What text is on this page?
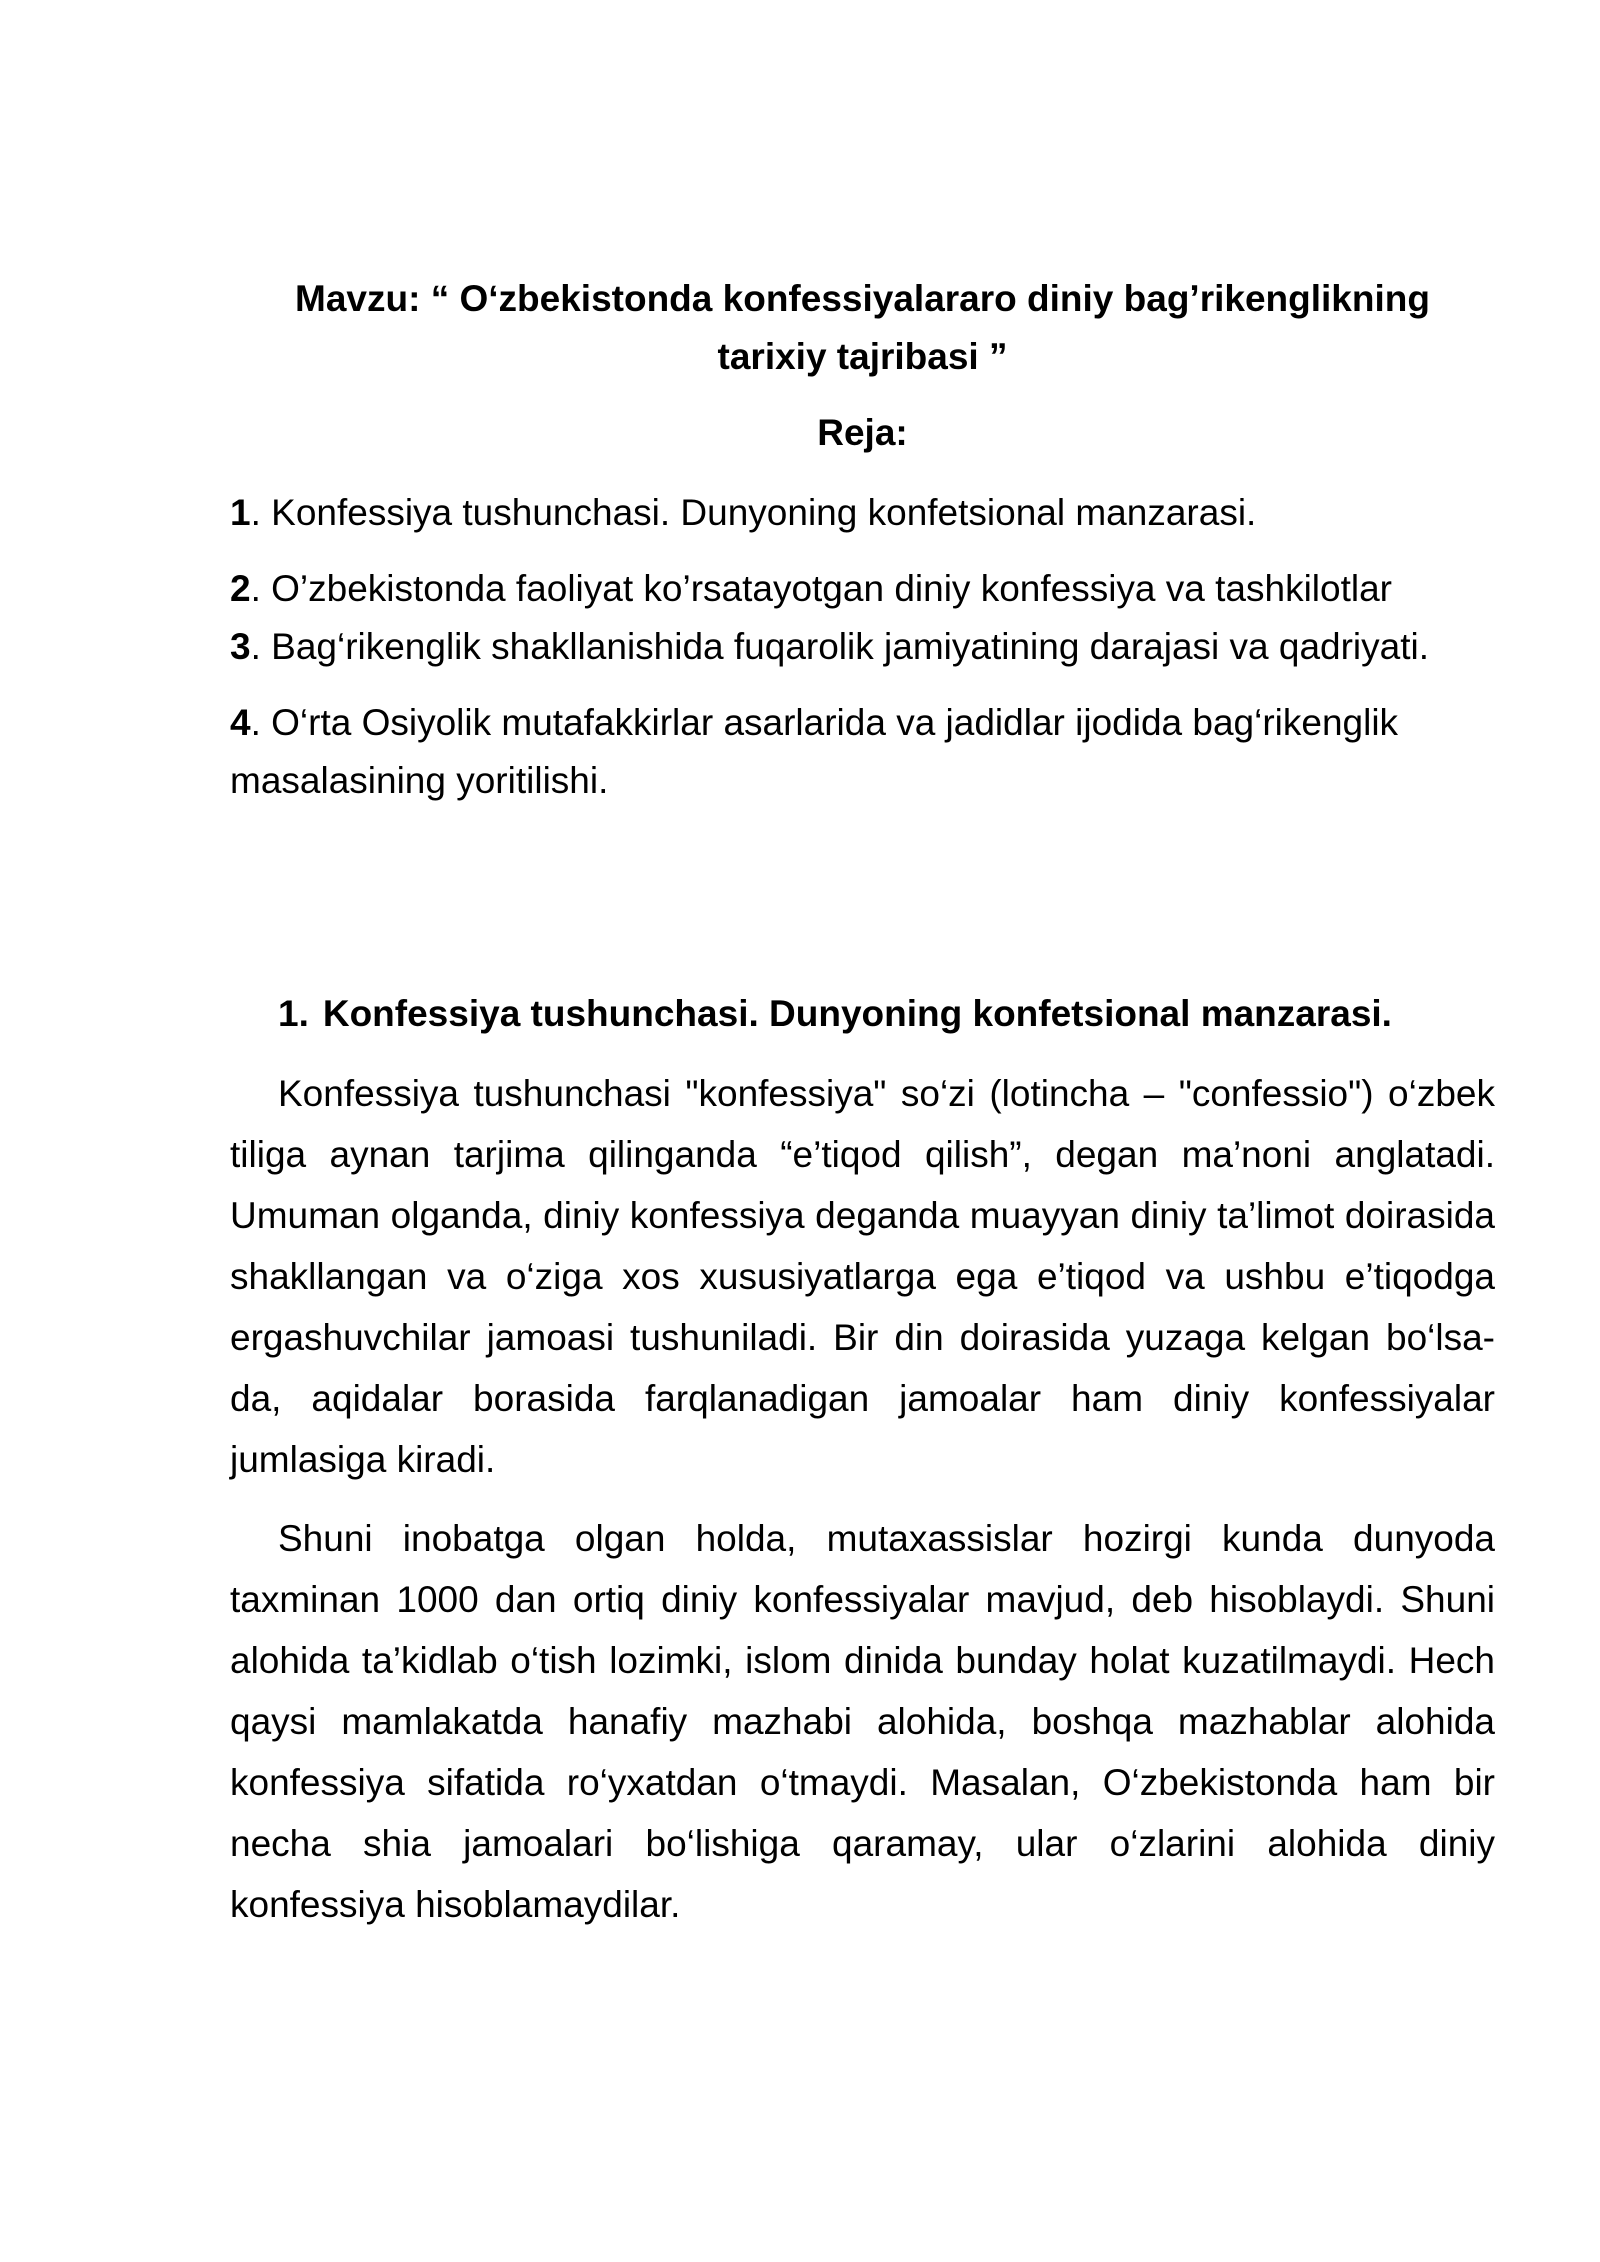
Mavzu: “ O‘zbekistonda konfessiyalararo diniy bag’rikenglikning
tarixiy tajribasi ”

Reja:

1. Konfessiya tushunchasi. Dunyoning konfetsional manzarasi.

2. O’zbekistonda faoliyat ko’rsatayotgan diniy konfessiya va tashkilotlar

3. Bag‘rikenglik shakllanishida fuqarolik jamiyatining darajasi va qadriyati.

4. O‘rta Osiyolik mutafakkirlar asarlarida va jadidlar ijodida bag‘rikenglik masalasining yoritilishi.

1. Konfessiya tushunchasi. Dunyoning konfetsional manzarasi.

Konfessiya tushunchasi "konfessiya" so‘zi (lotincha – "confessio") o‘zbek tiliga aynan tarjima qilinganda “e’tiqod qilish”, degan ma’noni anglatadi. Umuman olganda, diniy konfessiya deganda muayyan diniy ta’limot doirasida shakllangan va o‘ziga xos xususiyatlarga ega e’tiqod va ushbu e’tiqodga ergashuvchilar jamoasi tushuniladi. Bir din doirasida yuzaga kelgan bo‘lsa-da, aqidalar borasida farqlanadigan jamoalar ham diniy konfessiyalar jumlasiga kiradi.

Shuni inobatga olgan holda, mutaxassislar hozirgi kunda dunyoda taxminan 1000 dan ortiq diniy konfessiyalar mavjud, deb hisoblaydi. Shuni alohida ta’kidlab o‘tish lozimki, islom dinida bunday holat kuzatilmaydi. Hech qaysi mamlakatda hanafiy mazhabi alohida, boshqa mazhablar alohida konfessiya sifatida ro‘yxatdan o‘tmaydi. Masalan, O‘zbekistonda ham bir necha shia jamoalari bo‘lishiga qaramay, ular o‘zlarini alohida diniy konfessiya hisoblamaydilar.
